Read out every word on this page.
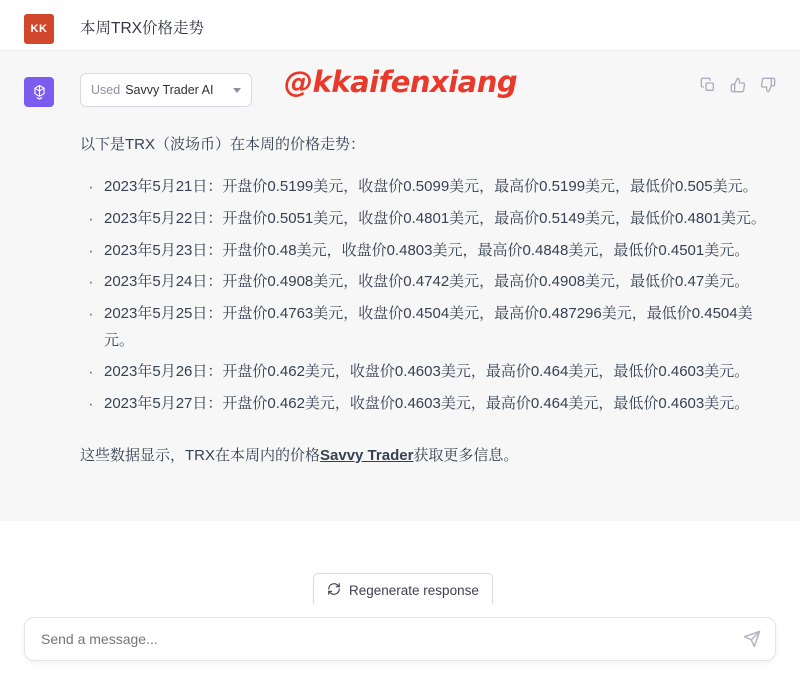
KK	本周TRX价格走势
Used Savvy Trader AI @kkaifenxiang
以下是TRX（波场币）在本周的价格走势：
· 2023年5月21日：开盘价0.5199美元，收盘价0.5099美元，最高价0.5199美元，最低价0.505美元。
· 2023年5月22日：开盘价0.5051美元，收盘价0.4801美元，最高价0.5149美元，最低价0.4801美元。
· 2023年5月23日：开盘价0.48美元，收盘价0.4803美元，最高价0.4848美元，最低价0.4501美元。
· 2023年5月24日：开盘价0.4908美元，收盘价0.4742美元，最高价0.4908美元，最低价0.47美元。
· 2023年5月25日：开盘价0.4763美元，收盘价0.4504美元，最高价0.487296美元，最低价0.4504美元。
· 2023年5月26日：开盘价0.462美元，收盘价0.4603美元，最高价0.464美元，最低价0.4603美元。
· 2023年5月27日：开盘价0.462美元，收盘价0.4603美元，最高价0.464美元，最低价0.4603美元。
这些数据显示，TRX在本周内的价格Savvy Trader获取更多信息。
Regenerate response
Send a message...
